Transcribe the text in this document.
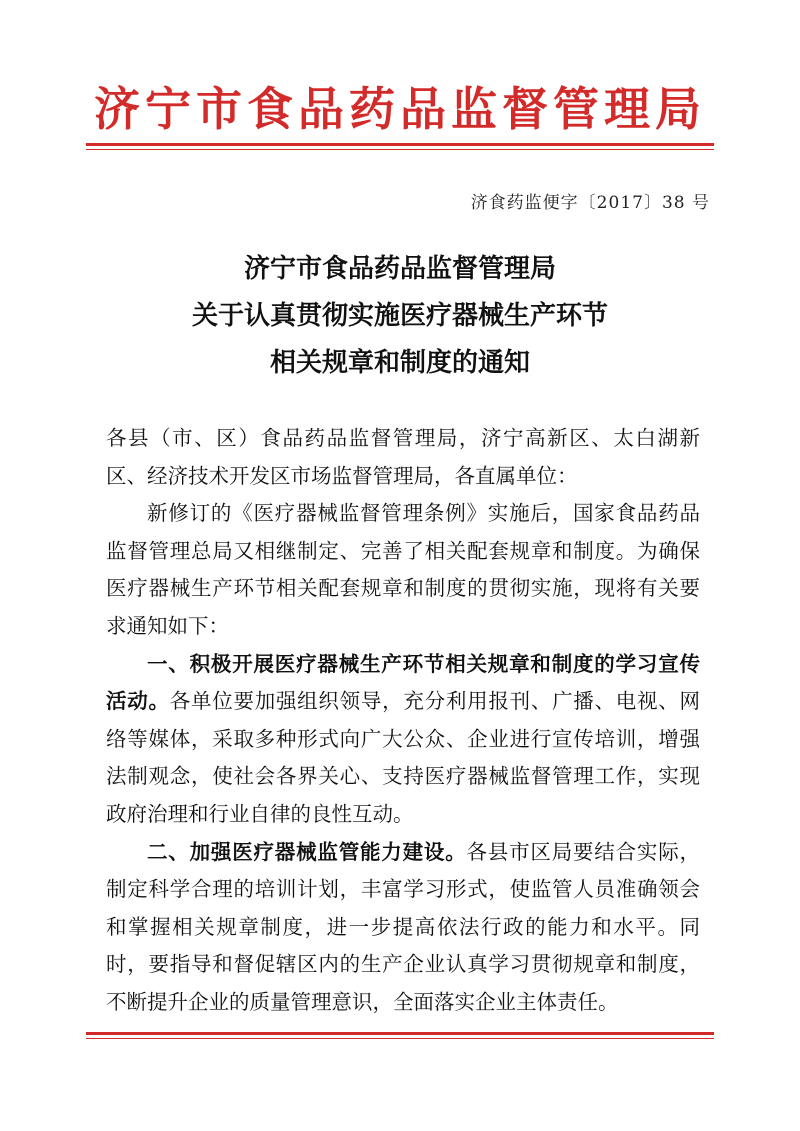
济宁市食品药品监督管理局
济食药监便字〔2017〕38 号
济宁市食品药品监督管理局
关于认真贯彻实施医疗器械生产环节
相关规章和制度的通知

各县（市、区）食品药品监督管理局，济宁高新区、太白湖新区、经济技术开发区市场监督管理局，各直属单位：

新修订的《医疗器械监督管理条例》实施后，国家食品药品监督管理总局又相继制定、完善了相关配套规章和制度。为确保医疗器械生产环节相关配套规章和制度的贯彻实施，现将有关要求通知如下：

一、积极开展医疗器械生产环节相关规章和制度的学习宣传活动。各单位要加强组织领导，充分利用报刊、广播、电视、网络等媒体，采取多种形式向广大公众、企业进行宣传培训，增强法制观念，使社会各界关心、支持医疗器械监督管理工作，实现政府治理和行业自律的良性互动。

二、加强医疗器械监管能力建设。各县市区局要结合实际，制定科学合理的培训计划，丰富学习形式，使监管人员准确领会和掌握相关规章制度，进一步提高依法行政的能力和水平。同时，要指导和督促辖区内的生产企业认真学习贯彻规章和制度，不断提升企业的质量管理意识，全面落实企业主体责任。
